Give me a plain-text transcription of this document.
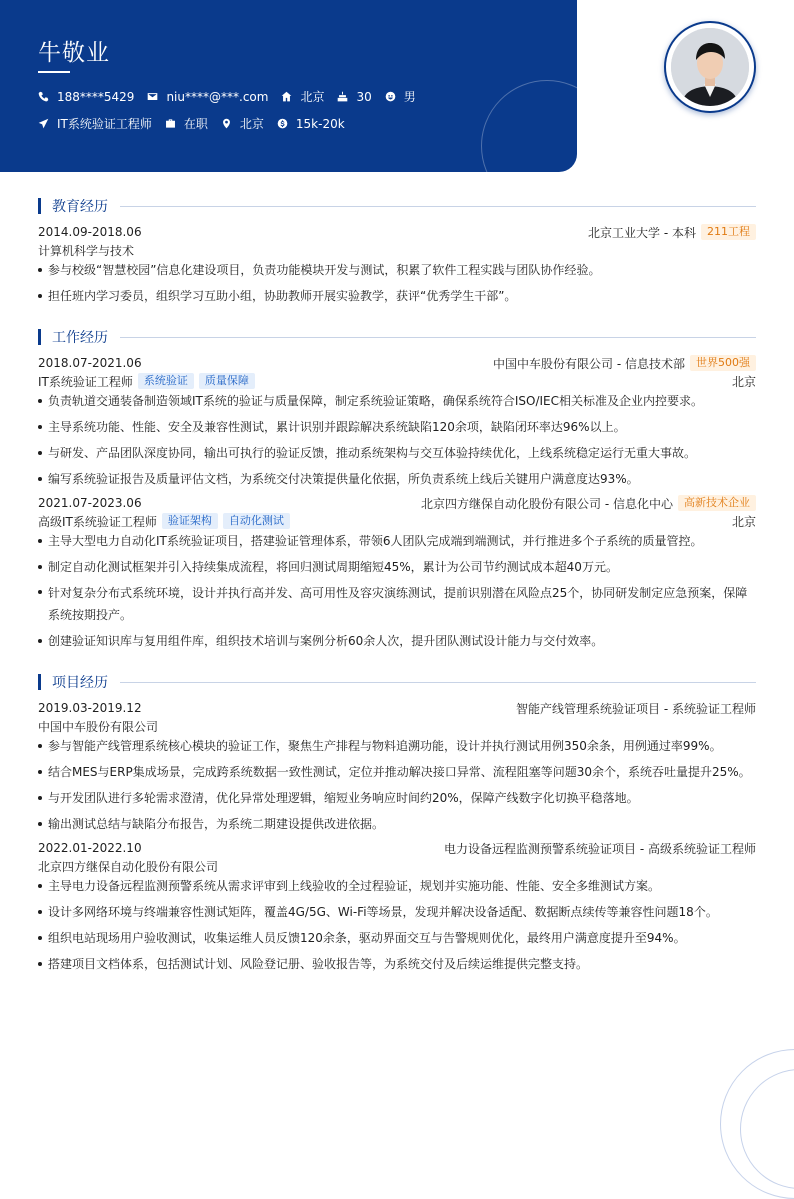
牛敬业
188****5429	niu****@***.com	北京	30	男
IT系统验证工程师	在职	北京	15k-20k
教育经历
2014.09-2018.06	北京工业大学 - 本科	211工程
计算机科学与技术
参与校级“智慧校园”信息化建设项目，负责功能模块开发与测试，积累了软件工程实践与团队协作经验。
担任班内学习委员，组织学习互助小组，协助教师开展实验教学，获评“优秀学生干部”。
工作经历
2018.07-2021.06	中国中车股份有限公司 - 信息技术部	世界500强
IT系统验证工程师	系统验证	质量保障	北京
负责轨道交通装备制造领域IT系统的验证与质量保障，制定系统验证策略，确保系统符合ISO/IEC相关标准及企业内控要求。
主导系统功能、性能、安全及兼容性测试，累计识别并跟踪解决系统缺陷120余项，缺陷闭环率达96%以上。
与研发、产品团队深度协同，输出可执行的验证反馈，推动系统架构与交互体验持续优化，上线系统稳定运行无重大事故。
编写系统验证报告及质量评估文档，为系统交付决策提供量化依据，所负责系统上线后关键用户满意度达93%。
2021.07-2023.06	北京四方继保自动化股份有限公司 - 信息化中心	高新技术企业
高级IT系统验证工程师	验证架构	自动化测试	北京
主导大型电力自动化IT系统验证项目，搭建验证管理体系，带领6人团队完成端到端测试，并行推进多个子系统的质量管控。
制定自动化测试框架并引入持续集成流程，将回归测试周期缩短45%，累计为公司节约测试成本超40万元。
针对复杂分布式系统环境，设计并执行高并发、高可用性及容灾演练测试，提前识别潜在风险点25个，协同研发制定应急预案，保障系统按期投产。
创建验证知识库与复用组件库，组织技术培训与案例分析60余人次，提升团队测试设计能力与交付效率。
项目经历
2019.03-2019.12	智能产线管理系统验证项目 - 系统验证工程师
中国中车股份有限公司
参与智能产线管理系统核心模块的验证工作，聚焦生产排程与物料追溯功能，设计并执行测试用例350余条，用例通过率99%。
结合MES与ERP集成场景，完成跨系统数据一致性测试，定位并推动解决接口异常、流程阻塞等问题30余个，系统吞吐量提升25%。
与开发团队进行多轮需求澄清，优化异常处理逻辑，缩短业务响应时间约20%，保障产线数字化切换平稳落地。
输出测试总结与缺陷分布报告，为系统二期建设提供改进依据。
2022.01-2022.10	电力设备远程监测预警系统验证项目 - 高级系统验证工程师
北京四方继保自动化股份有限公司
主导电力设备远程监测预警系统从需求评审到上线验收的全过程验证，规划并实施功能、性能、安全多维测试方案。
设计多网络环境与终端兼容性测试矩阵，覆盖4G/5G、Wi-Fi等场景，发现并解决设备适配、数据断点续传等兼容性问题18个。
组织电站现场用户验收测试，收集运维人员反馈120余条，驱动界面交互与告警规则优化，最终用户满意度提升至94%。
搭建项目文档体系，包括测试计划、风险登记册、验收报告等，为系统交付及后续运维提供完整支持。
